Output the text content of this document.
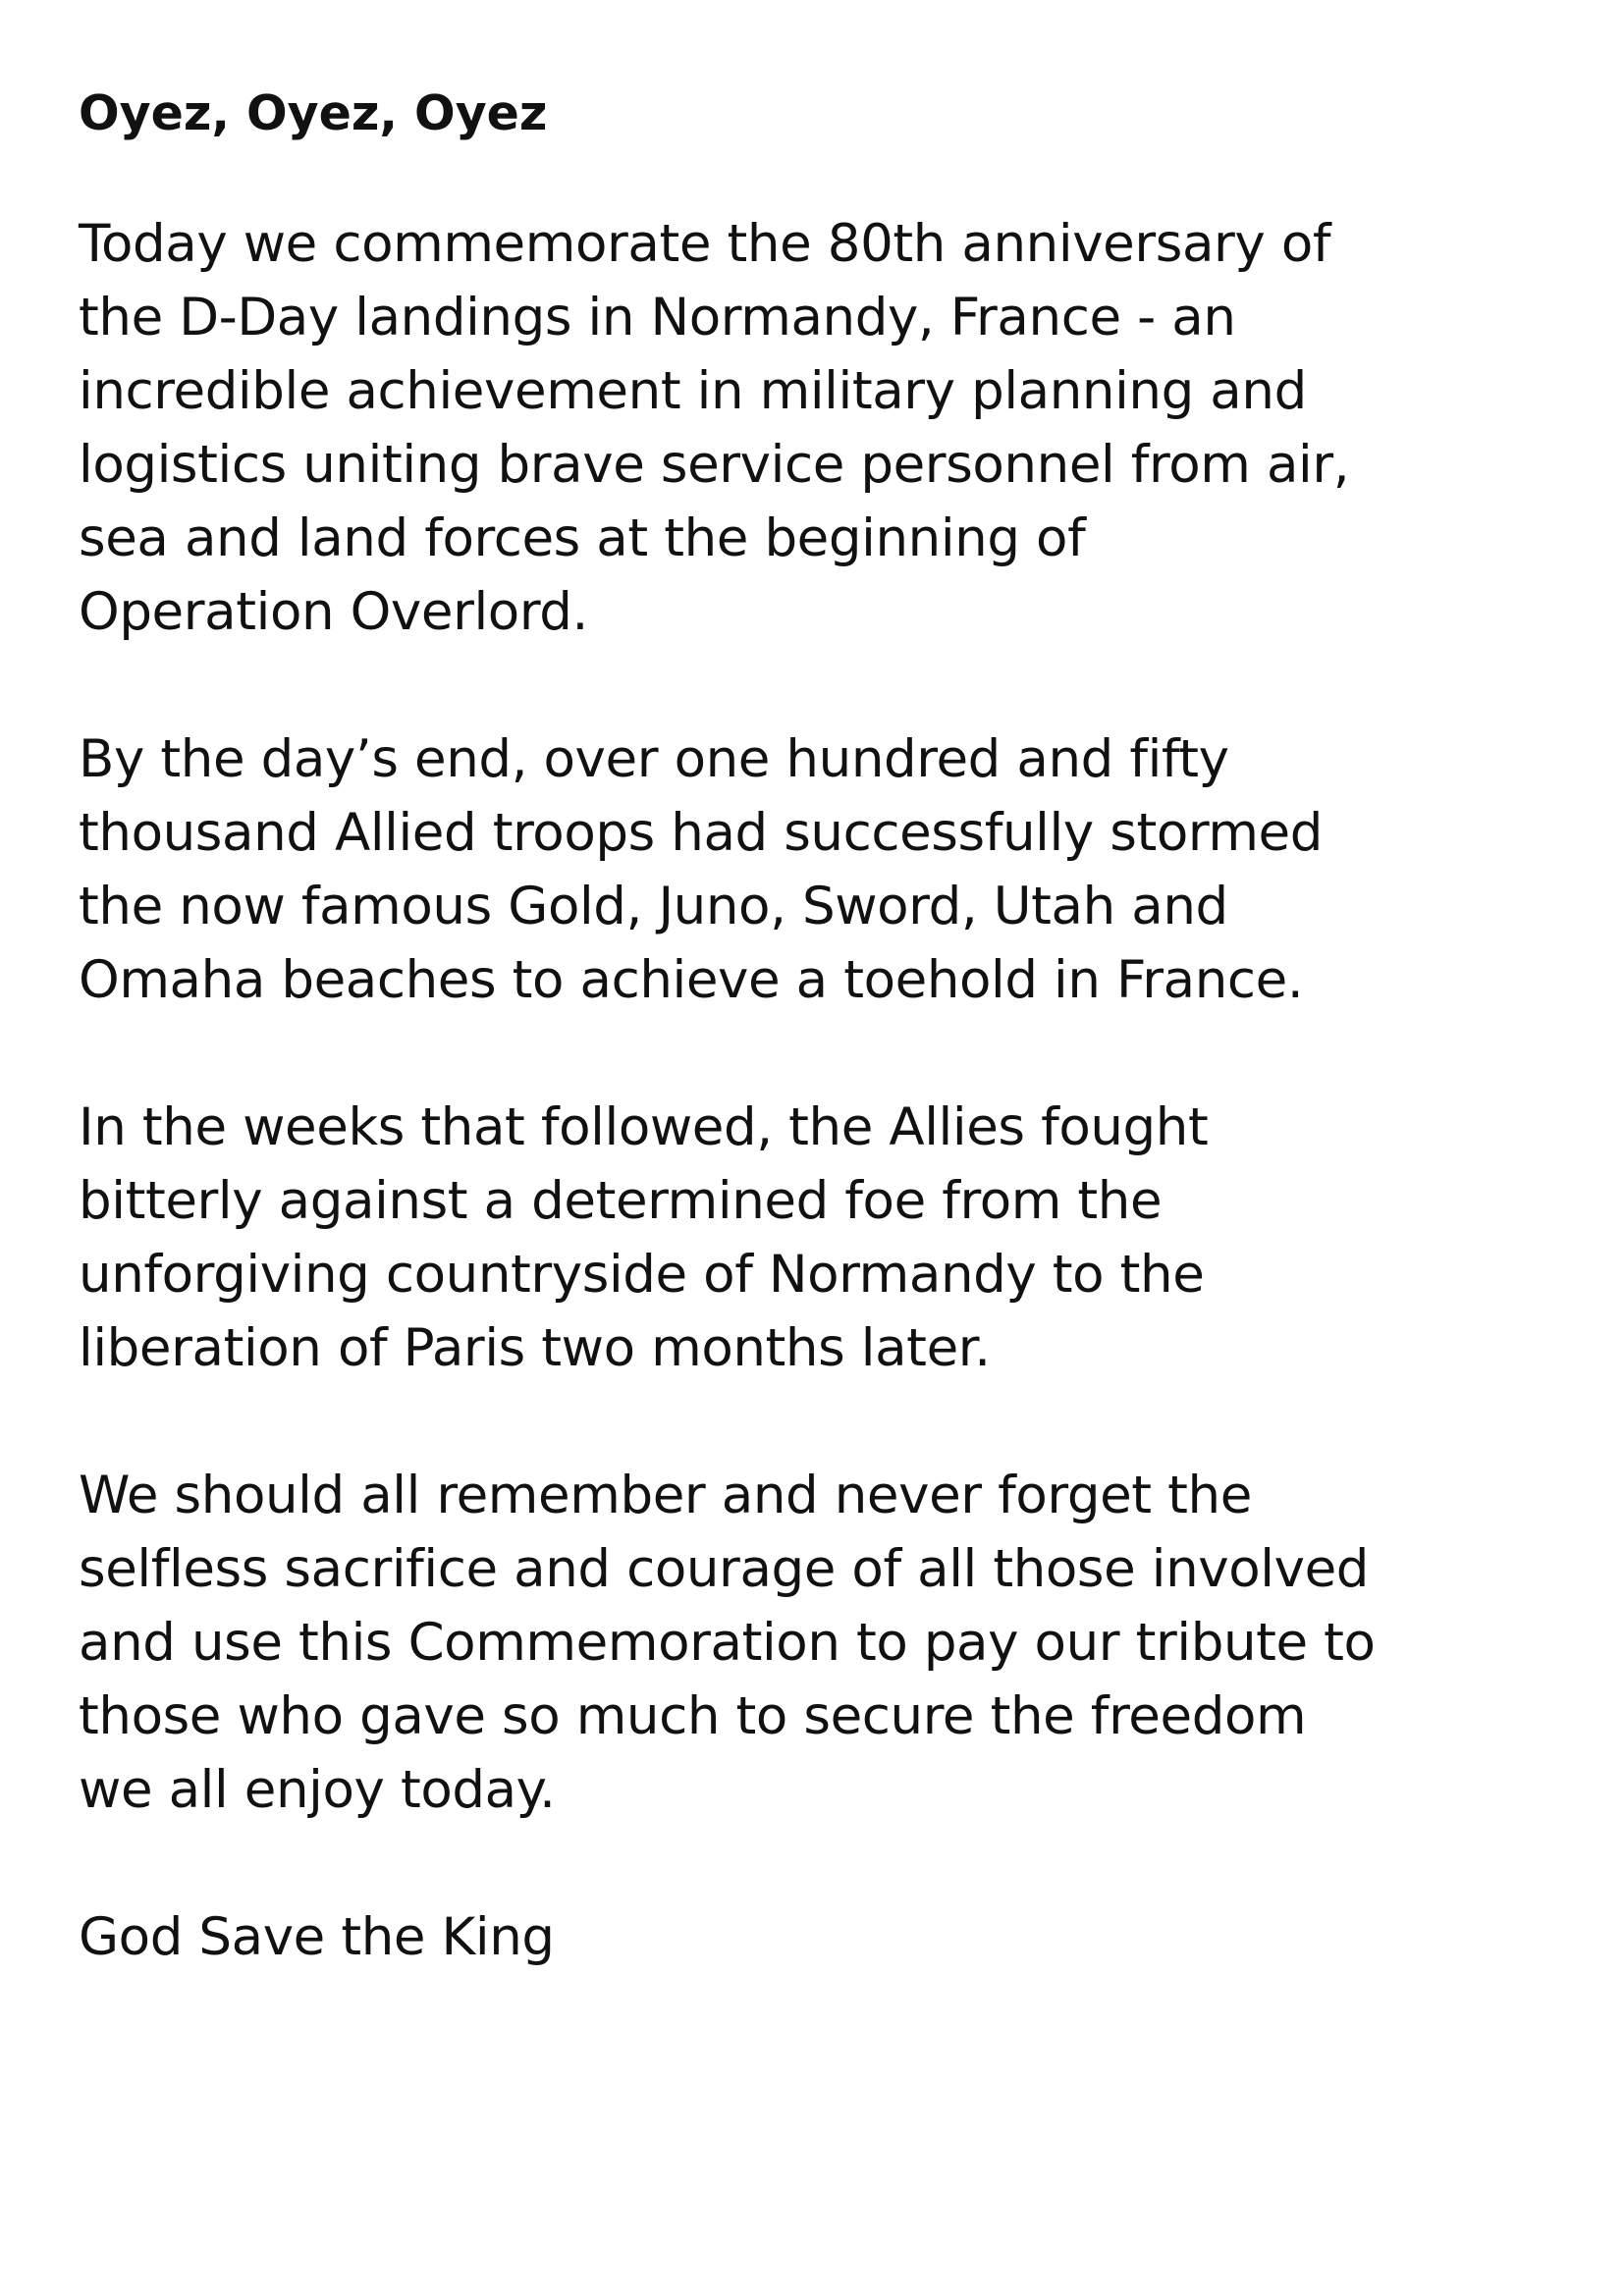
Oyez, Oyez, Oyez
Today we commemorate the 80th anniversary of
the D-Day landings in Normandy, France - an
incredible achievement in military planning and
logistics uniting brave service personnel from air,
sea and land forces at the beginning of
Operation Overlord.
By the day’s end, over one hundred and fifty
thousand Allied troops had successfully stormed
the now famous Gold, Juno, Sword, Utah and
Omaha beaches to achieve a toehold in France.
In the weeks that followed, the Allies fought
bitterly against a determined foe from the
unforgiving countryside of Normandy to the
liberation of Paris two months later.
We should all remember and never forget the
selfless sacrifice and courage of all those involved
and use this Commemoration to pay our tribute to
those who gave so much to secure the freedom
we all enjoy today.
God Save the King
